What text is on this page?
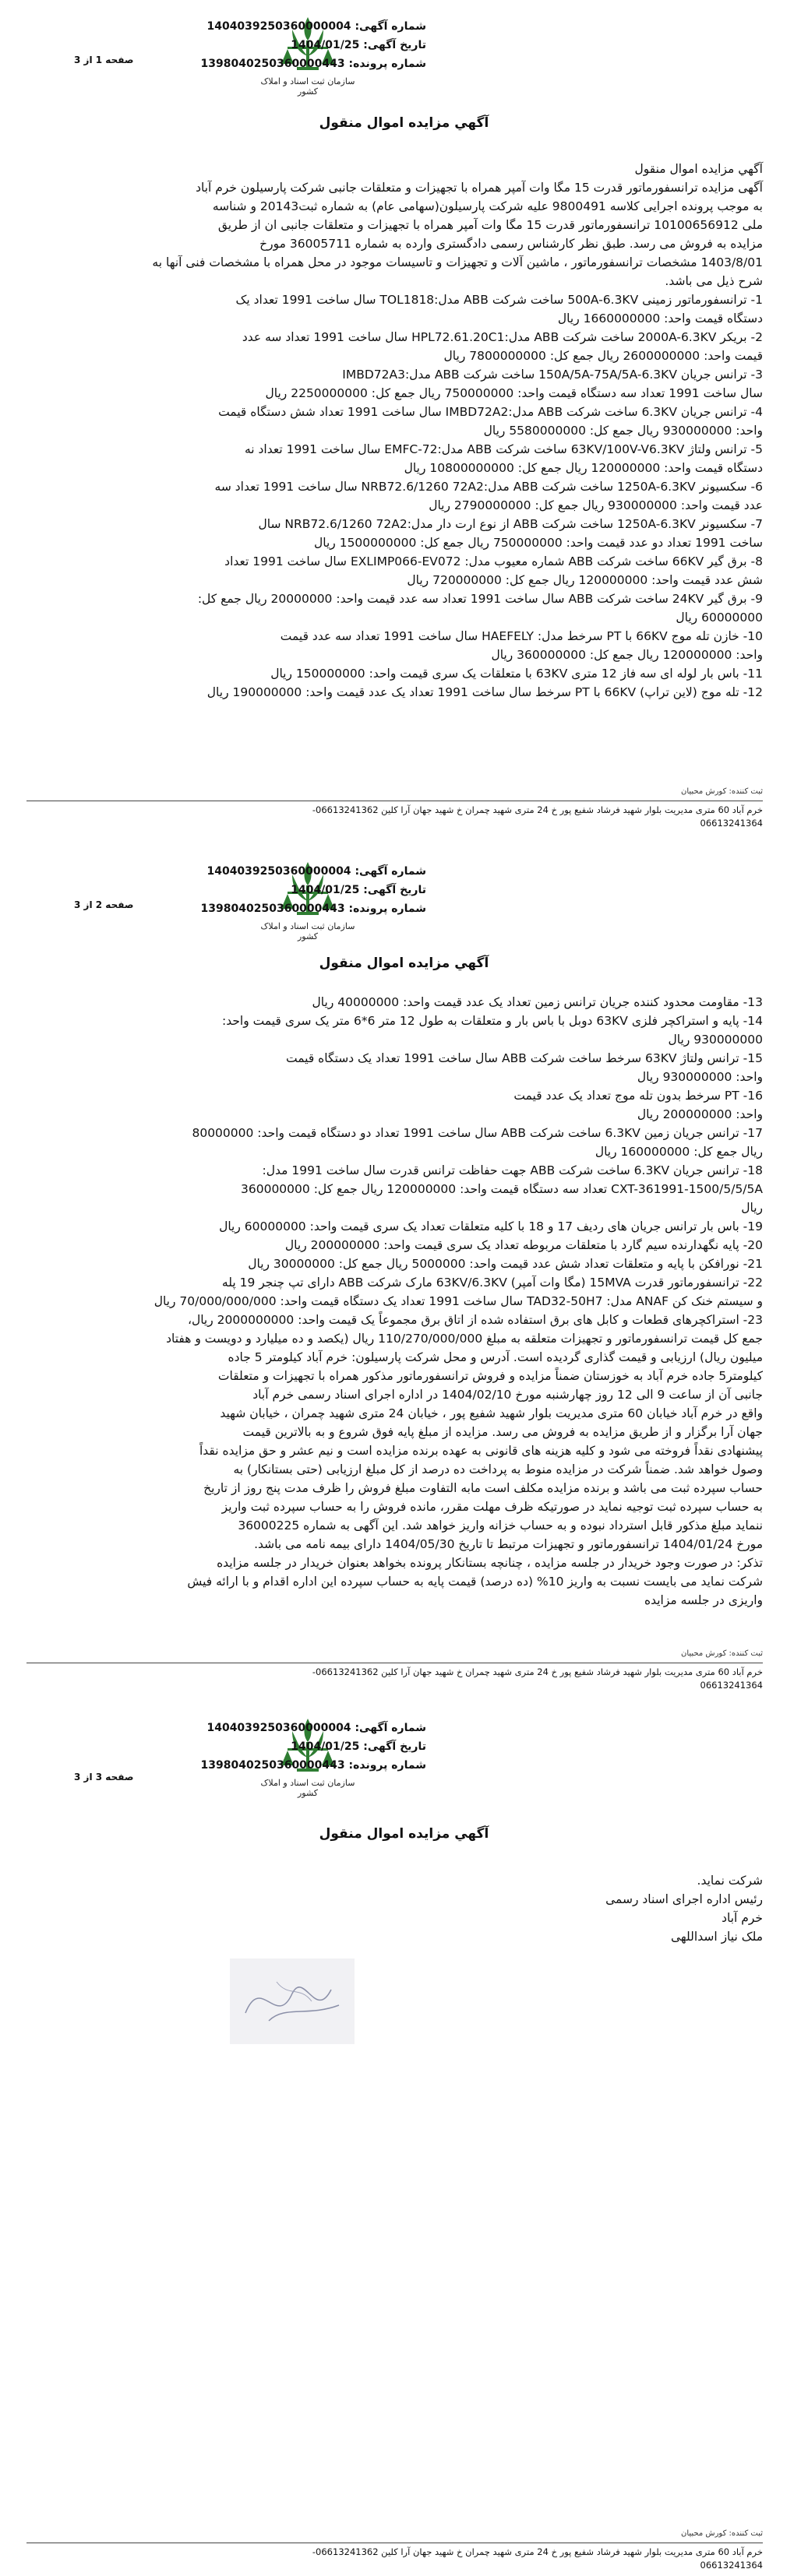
سازمان ثبت اسناد و املاک کشور
شماره آگهی: 1404039250360000004
تاریخ آگهی: 1404/01/25
شماره پرونده: 1398040250360000443
صفحه 1 از 3
آگهي مزايده اموال منقول

آگهي مزايده اموال منقول

آگهی مزایده ترانسفورماتور قدرت 15 مگا وات آمپر همراه با تجهیزات و متعلقات جانبی شرکت پارسیلون خرم آباد

به موجب پرونده اجرایی کلاسه 9800491 علیه شرکت پارسیلون(سهامی عام) به شماره ثبت20143 و شناسه

ملی 10100656912 ترانسفورماتور قدرت 15 مگا وات آمپر همراه با تجهیزات و متعلقات جانبی ان از طریق

مزایده به فروش می رسد. طبق نظر کارشناس رسمی دادگستری وارده به شماره 36005711 مورخ

1403/8/01 مشخصات ترانسفورماتور ، ماشین آلات و تجهیزات و تاسیسات موجود در محل همراه با مشخصات فنی آنها به

شرح ذیل می باشد.

1- ترانسفورماتور زمینی 500A-6.3KV ساخت شرکت ABB مدل:TOL1818 سال ساخت 1991 تعداد یک

دستگاه قیمت واحد: 1660000000 ریال

2- بریکر 2000A-6.3KV ساخت شرکت ABB مدل:HPL72.61.20C1 سال ساخت 1991 تعداد سه عدد

قیمت واحد: 2600000000 ریال جمع کل: 7800000000 ریال

3- ترانس جریان 150A/5A-75A/5A-6.3KV ساخت شرکت ABB مدل:IMBD72A3

سال ساخت 1991 تعداد سه دستگاه قیمت واحد: 750000000 ریال جمع کل: 2250000000 ریال

4- ترانس جریان 6.3KV ساخت شرکت ABB مدل:IMBD72A2 سال ساخت 1991 تعداد شش دستگاه قیمت

واحد: 930000000 ریال جمع کل: 5580000000 ریال

5- ترانس ولتاژ 63KV/100V-V6.3KV ساخت شرکت ABB مدل:EMFC-72 سال ساخت 1991 تعداد نه

دستگاه قیمت واحد: 120000000 ریال جمع کل: 10800000000 ریال

6- سکسیونر 1250A-6.3KV ساخت شرکت ABB مدل:NRB72.6/1260 72A2 سال ساخت 1991 تعداد سه

عدد قیمت واحد: 930000000 ریال جمع کل: 2790000000 ریال

7- سکسیونر 1250A-6.3KV ساخت شرکت ABB از نوع ارت دار مدل:NRB72.6/1260 72A2 سال

ساخت 1991 تعداد دو عدد قیمت واحد: 750000000 ریال جمع کل: 1500000000 ریال

8- برق گیر 66KV ساخت شرکت ABB شماره معیوب مدل: EXLIMP066-EV072 سال ساخت 1991 تعداد

شش عدد قیمت واحد: 120000000 ریال جمع کل: 720000000 ریال

9- برق گیر 24KV ساخت شرکت ABB سال ساخت 1991 تعداد سه عدد قیمت واحد: 20000000 ریال جمع کل:

60000000 ریال

10- خازن تله موج 66KV با PT سرخط مدل: HAEFELY سال ساخت 1991 تعداد سه عدد قیمت

واحد: 120000000 ریال جمع کل: 360000000 ریال

11- باس بار لوله ای سه فاز 12 متری 63KV با متعلقات یک سری قیمت واحد: 150000000 ریال

12- تله موج (لاین تراپ) 66KV با PT سرخط سال ساخت 1991 تعداد یک عدد قیمت واحد: 190000000 ریال

ثبت کننده: کورش محبیان
خرم آباد 60 متری مدیریت بلوار شهید فرشاد شفیع پور خ 24 متری شهید چمران خ شهید جهان آرا کلین 06613241362-
06613241364
سازمان ثبت اسناد و املاک کشور
شماره آگهی: 1404039250360000004
تاریخ آگهی: 1404/01/25
شماره پرونده: 1398040250360000443
صفحه 2 از 3
آگهي مزايده اموال منقول

13- مقاومت محدود کننده جریان ترانس زمین تعداد یک عدد قیمت واحد: 40000000 ریال

14- پایه و استراکچر فلزی 63KV دوبل با باس بار و متعلقات به طول 12 متر 6*6 متر یک سری قیمت واحد:

930000000 ریال

15- ترانس ولتاژ 63KV سرخط ساخت شرکت ABB سال ساخت 1991 تعداد یک دستگاه قیمت

واحد: 930000000 ریال

16- PT سرخط بدون تله موج تعداد یک عدد قیمت

واحد: 200000000 ریال

17- ترانس جریان زمین 6.3KV ساخت شرکت ABB سال ساخت 1991 تعداد دو دستگاه قیمت واحد: 80000000

ریال جمع کل: 160000000 ریال

18- ترانس جریان 6.3KV ساخت شرکت ABB جهت حفاظت ترانس قدرت سال ساخت 1991 مدل:

CXT-361991-1500/5/5/5A تعداد سه دستگاه قیمت واحد: 120000000 ریال جمع کل: 360000000

ریال

19- باس بار ترانس جریان های ردیف 17 و 18 با کلیه متعلقات تعداد یک سری قیمت واحد: 60000000 ریال

20- پایه نگهدارنده سیم گارد با متعلقات مربوطه تعداد یک سری قیمت واحد: 200000000 ریال

21- نورافکن با پایه و متعلقات تعداد شش عدد قیمت واحد: 5000000 ریال جمع کل: 30000000 ریال

22- ترانسفورماتور قدرت 15MVA (مگا وات آمپر) 63KV/6.3KV مارک شرکت ABB دارای تپ چنجر 19 پله

و سیستم خنک کن ANAF مدل: TAD32-50H7 سال ساخت 1991 تعداد یک دستگاه قیمت واحد: 70/000/000/000 ریال

23- استراکچرهای قطعات و کابل های برق استفاده شده از اتاق برق مجموعاً یک قیمت واحد: 2000000000 ریال،

جمع کل قیمت ترانسفورماتور و تجهیزات متعلقه به مبلغ 110/270/000/000 ریال (یکصد و ده میلیارد و دویست و هفتاد

میلیون ریال) ارزیابی و قیمت گذاری گردیده است. آدرس و محل شرکت پارسیلون: خرم آباد کیلومتر 5 جاده

کیلومتر5 جاده خرم آباد به خوزستان ضمناً مزایده و فروش ترانسفورماتور مذکور همراه با تجهیزات و متعلقات

جانبی آن از ساعت 9 الی 12 روز چهارشنبه مورخ 1404/02/10 در اداره اجرای اسناد رسمی خرم آباد

واقع در خرم آباد خیابان 60 متری مدیریت بلوار شهید شفیع پور ، خیابان 24 متری شهید چمران ، خیابان شهید

جهان آرا برگزار و از طریق مزایده به فروش می رسد. مزایده از مبلغ پایه فوق شروع و به بالاترین قیمت

پیشنهادی نقداً فروخته می شود و کلیه هزینه های قانونی به عهده برنده مزایده است و نیم عشر و حق مزایده نقداً

وصول خواهد شد. ضمناً شرکت در مزایده منوط به پرداخت ده درصد از کل مبلغ ارزیابی (حتی بستانکار) به

حساب سپرده ثبت می باشد و برنده مزایده مکلف است مابه التفاوت مبلغ فروش را ظرف مدت پنج روز از تاریخ

به حساب سپرده ثبت توجیه نماید در صورتیکه ظرف مهلت مقرر، مانده فروش را به حساب سپرده ثبت واریز

ننماید مبلغ مذکور قابل استرداد نبوده و به حساب خزانه واریز خواهد شد. این آگهی به شماره 36000225

مورخ 1404/01/24 ترانسفورماتور و تجهیزات مرتبط تا تاریخ 1404/05/30 دارای بیمه نامه می باشد.

تذکر: در صورت وجود خریدار در جلسه مزایده ، چنانچه بستانکار پرونده بخواهد بعنوان خریدار در جلسه مزایده

شرکت نماید می بایست نسبت به واریز 10% (ده درصد) قیمت پایه به حساب سپرده این اداره اقدام و با ارائه فیش

واریزی در جلسه مزایده

ثبت کننده: کورش محبیان
خرم آباد 60 متری مدیریت بلوار شهید فرشاد شفیع پور خ 24 متری شهید چمران خ شهید جهان آرا کلین 06613241362-
06613241364
سازمان ثبت اسناد و املاک کشور
شماره آگهی: 1404039250360000004
تاریخ آگهی: 1404/01/25
شماره پرونده: 1398040250360000443
صفحه 3 از 3
آگهي مزايده اموال منقول

شرکت نماید.

رئیس اداره اجرای اسناد رسمی

خرم آباد

ملک نیاز اسداللهی

ثبت کننده: کورش محبیان
خرم آباد 60 متری مدیریت بلوار شهید فرشاد شفیع پور خ 24 متری شهید چمران خ شهید جهان آرا کلین 06613241362-
06613241364
